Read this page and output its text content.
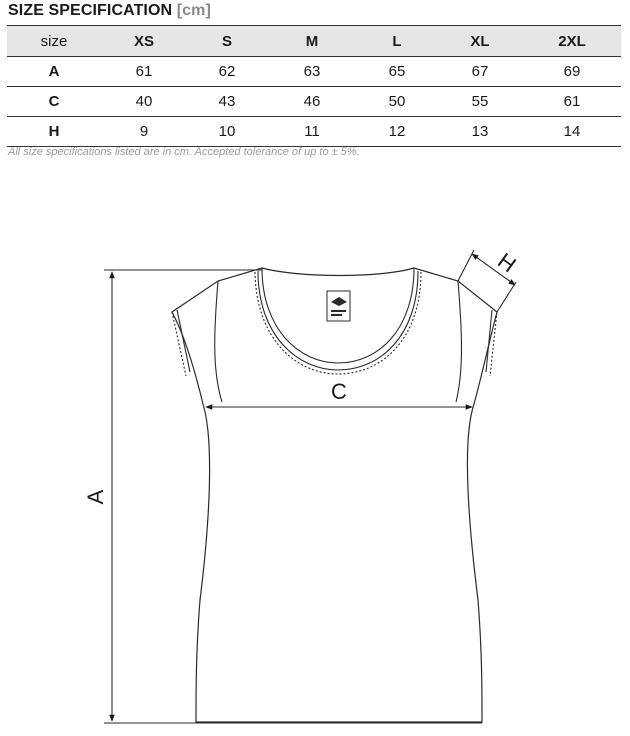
SIZE SPECIFICATION [cm]
size	XS	S	M	L	XL	2XL
A	61	62	63	65	67	69
C	40	43	46	50	55	61
H	9	10	11	12	13	14

All size specifications listed are in cm. Accepted tolerance of up to ± 5%.

A
C
H
